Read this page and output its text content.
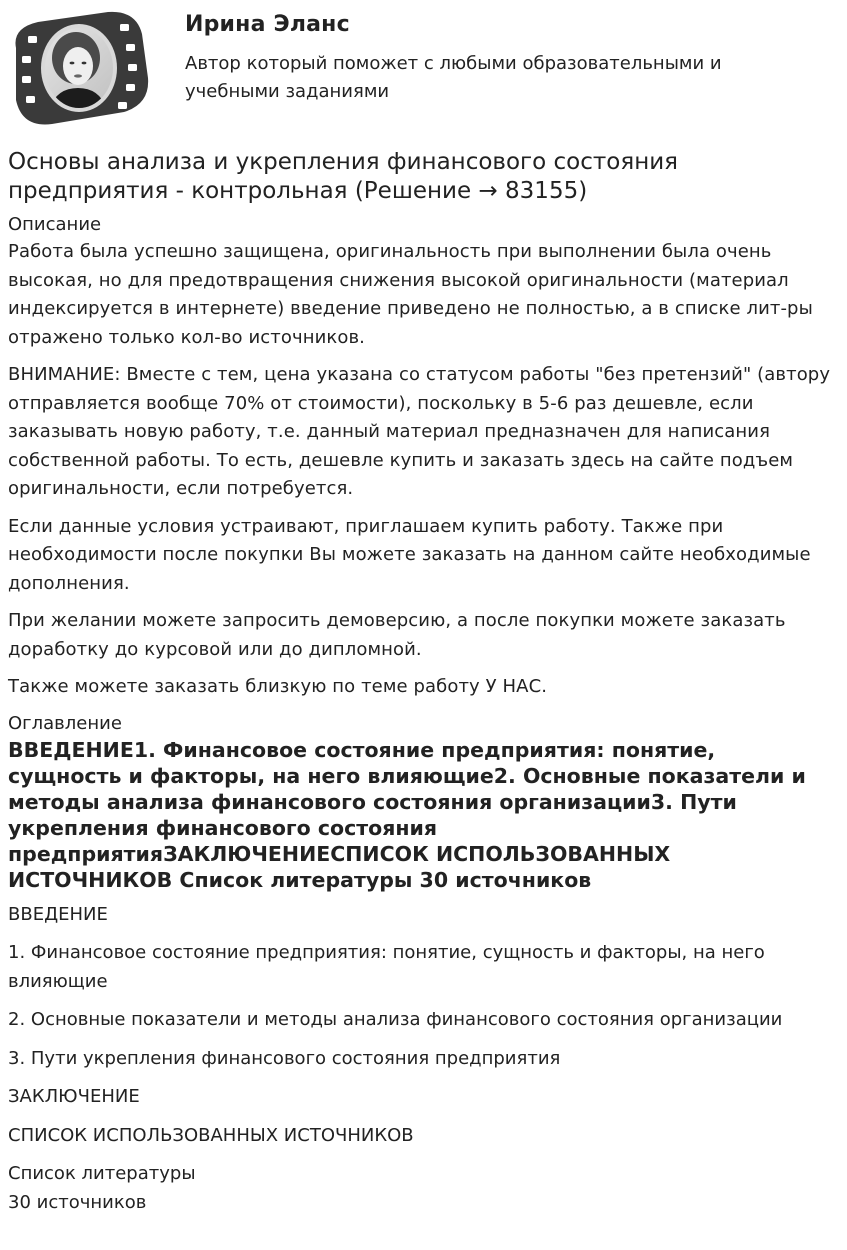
Ирина Эланс

Автор который поможет с любыми образовательными и учебными заданиями

Основы анализа и укрепления финансового состояния предприятия - контрольная (Решение → 83155)

Описание

Работа была успешно защищена, оригинальность при выполнении была очень высокая, но для предотвращения снижения высокой оригинальности (материал индексируется в интернете) введение приведено не полностью, а в списке лит-ры отражено только кол-во источников.

ВНИМАНИЕ: Вместе с тем, цена указана со статусом работы "без претензий" (автору отправляется вообще 70% от стоимости), поскольку в 5-6 раз дешевле, если заказывать новую работу, т.е. данный материал предназначен для написания собственной работы. То есть, дешевле купить и заказать здесь на сайте подъем оригинальности, если потребуется.

Если данные условия устраивают, приглашаем купить работу. Также при необходимости после покупки Вы можете заказать на данном сайте необходимые дополнения.

При желании можете запросить демоверсию, а после покупки можете заказать доработку до курсовой или до дипломной.

Также можете заказать близкую по теме работу У НАС.

Оглавление

ВВЕДЕНИЕ1. Финансовое состояние предприятия: понятие, сущность и факторы, на него влияющие2. Основные показатели и методы анализа финансового состояния организации3. Пути укрепления финансового состояния предприятияЗАКЛЮЧЕНИЕСПИСОК ИСПОЛЬЗОВАННЫХ ИСТОЧНИКОВ Список литературы 30 источников

ВВЕДЕНИЕ

1. Финансовое состояние предприятия: понятие, сущность и факторы, на него влияющие

2. Основные показатели и методы анализа финансового состояния организации

3. Пути укрепления финансового состояния предприятия

ЗАКЛЮЧЕНИЕ

СПИСОК ИСПОЛЬЗОВАННЫХ ИСТОЧНИКОВ

Список литературы

30 источников
